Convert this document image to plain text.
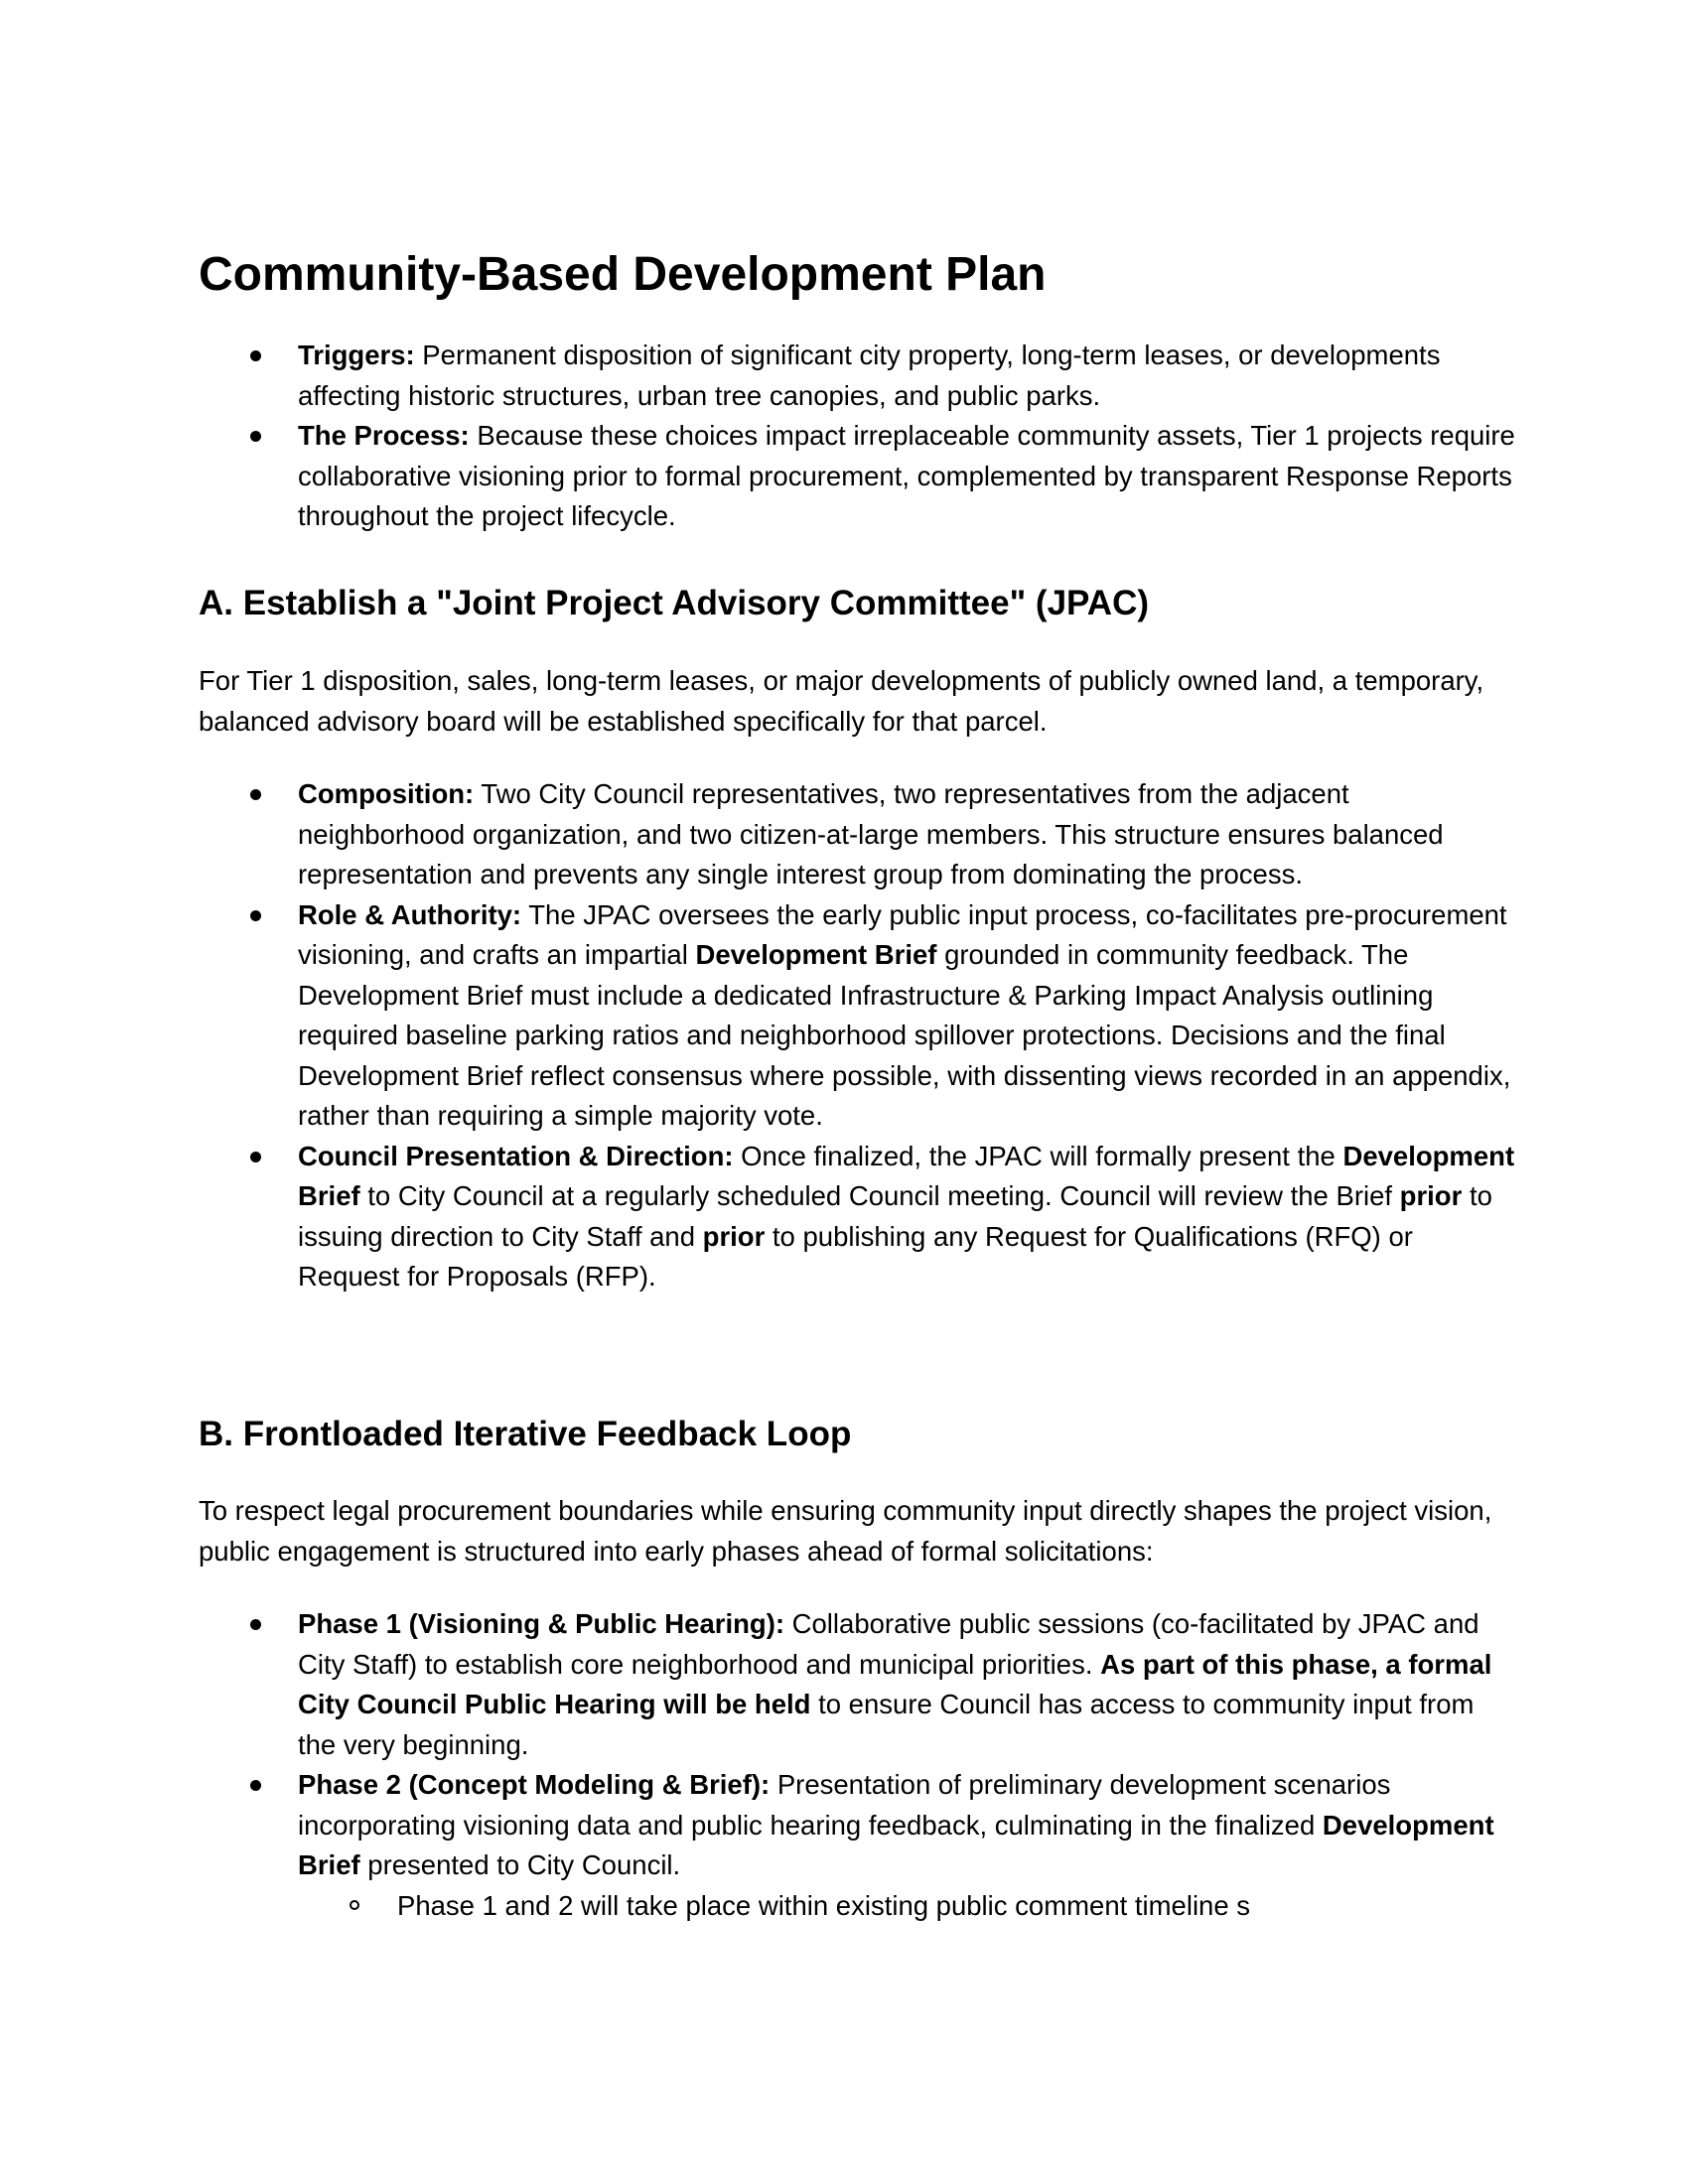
Community-Based Development Plan
Triggers: Permanent disposition of significant city property, long-term leases, or developments affecting historic structures, urban tree canopies, and public parks.
The Process: Because these choices impact irreplaceable community assets, Tier 1 projects require collaborative visioning prior to formal procurement, complemented by transparent Response Reports throughout the project lifecycle.
A. Establish a "Joint Project Advisory Committee" (JPAC)

For Tier 1 disposition, sales, long-term leases, or major developments of publicly owned land, a temporary, balanced advisory board will be established specifically for that parcel.

Composition: Two City Council representatives, two representatives from the adjacent neighborhood organization, and two citizen-at-large members. This structure ensures balanced representation and prevents any single interest group from dominating the process.
Role & Authority: The JPAC oversees the early public input process, co-facilitates pre-procurement visioning, and crafts an impartial Development Brief grounded in community feedback. The Development Brief must include a dedicated Infrastructure & Parking Impact Analysis outlining required baseline parking ratios and neighborhood spillover protections. Decisions and the final Development Brief reflect consensus where possible, with dissenting views recorded in an appendix, rather than requiring a simple majority vote.
Council Presentation & Direction: Once finalized, the JPAC will formally present the Development Brief to City Council at a regularly scheduled Council meeting. Council will review the Brief prior to issuing direction to City Staff and prior to publishing any Request for Qualifications (RFQ) or Request for Proposals (RFP).
B. Frontloaded Iterative Feedback Loop

To respect legal procurement boundaries while ensuring community input directly shapes the project vision, public engagement is structured into early phases ahead of formal solicitations:

Phase 1 (Visioning & Public Hearing): Collaborative public sessions (co-facilitated by JPAC and City Staff) to establish core neighborhood and municipal priorities. As part of this phase, a formal City Council Public Hearing will be held to ensure Council has access to community input from the very beginning.
Phase 2 (Concept Modeling & Brief): Presentation of preliminary development scenarios incorporating visioning data and public hearing feedback, culminating in the finalized Development Brief presented to City Council.
Phase 1 and 2 will take place within existing public comment timeline s
